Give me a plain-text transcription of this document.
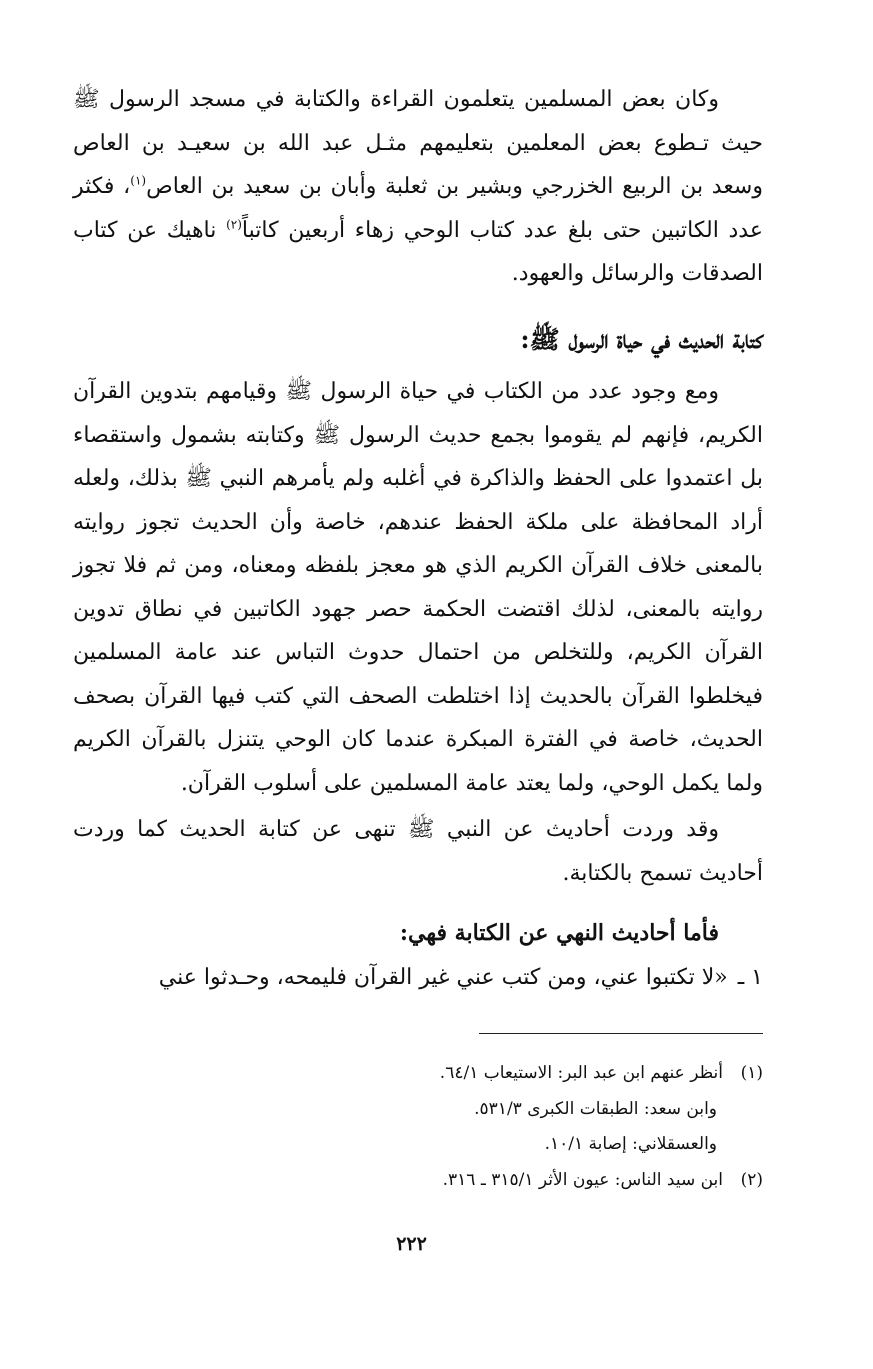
وكان بعض المسلمين يتعلمون القراءة والكتابة في مسجد الرسول ﷺ حيث تـطوع بعض المعلمين بتعليمهم مثـل عبد الله بن سعيـد بن العاص وسعد بن الربيع الخزرجي وبشير بن ثعلبة وأبان بن سعيد بن العاص$^{(١)}$، فكثر عدد الكاتبين حتى بلغ عدد كتاب الوحي زهاء أربعين كاتباً$^{(٢)}$ ناهيك عن كتاب الصدقات والرسائل والعهود.

كتابة الحديث في حياة الرسول ﷺ:

ومع وجود عدد من الكتاب في حياة الرسول ﷺ وقيامهم بتدوين القرآن الكريم، فإنهم لم يقوموا بجمع حديث الرسول ﷺ وكتابته بشمول واستقصاء بل اعتمدوا على الحفظ والذاكرة في أغلبه ولم يأمرهم النبي ﷺ بذلك، ولعله أراد المحافظة على ملكة الحفظ عندهم، خاصة وأن الحديث تجوز روايته بالمعنى خلاف القرآن الكريم الذي هو معجز بلفظه ومعناه، ومن ثم فلا تجوز روايته بالمعنى، لذلك اقتضت الحكمة حصر جهود الكاتبين في نطاق تدوين القرآن الكريم، وللتخلص من احتمال حدوث التباس عند عامة المسلمين فيخلطوا القرآن بالحديث إذا اختلطت الصحف التي كتب فيها القرآن بصحف الحديث، خاصة في الفترة المبكرة عندما كان الوحي يتنزل بالقرآن الكريم ولما يكمل الوحي، ولما يعتد عامة المسلمين على أسلوب القرآن.

وقد وردت أحاديث عن النبي ﷺ تنهى عن كتابة الحديث كما وردت أحاديث تسمح بالكتابة.

فأما أحاديث النهي عن الكتابة فهي:

١ ـ«لا تكتبوا عني، ومن كتب عني غير القرآن فليمحه، وحـدثوا عني

(١)أنظر عنهم ابن عبد البر: الاستيعاب ٦٤/١.

وابن سعد: الطبقات الكبرى ٥٣١/٣.

والعسقلاني: إصابة ١٠/١.

(٢)ابن سيد الناس: عيون الأثر ٣١٥/١ ـ ٣١٦.

٢٢٢
